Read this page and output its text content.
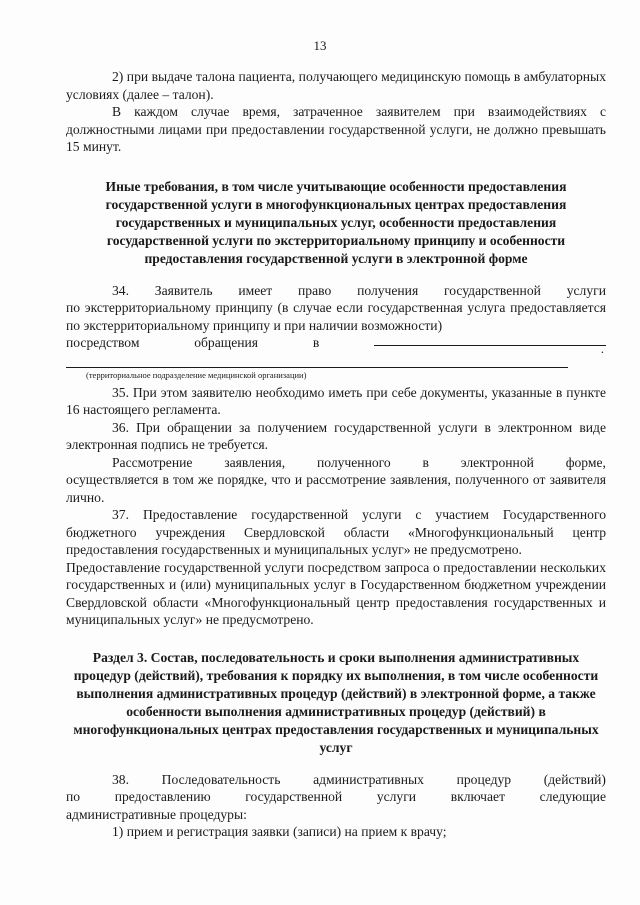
13

2) при выдаче талона пациента, получающего медицинскую помощь в амбулаторных условиях (далее – талон).

В каждом случае время, затраченное заявителем при взаимодействиях с должностными лицами при предоставлении государственной услуги, не должно превышать 15 минут.

Иные требования, в том числе учитывающие особенности предоставления государственной услуги в многофункциональных центрах предоставления государственных и муниципальных услуг, особенности предоставления государственной услуги по экстерриториальному принципу и особенности предоставления государственной услуги в электронной форме

34. Заявитель имеет право получения государственной услуги

по экстерриториальному принципу (в случае если государственная услуга предоставляется по экстерриториальному принципу и при наличии возможности)

посредством	обращения	в

(территориальное подразделение медицинской организации)

35. При этом заявителю необходимо иметь при себе документы, указанные в пункте 16 настоящего регламента.

36. При обращении за получением государственной услуги в электронном виде электронная подпись не требуется.

Рассмотрение заявления, полученного в электронной форме,

осуществляется в том же порядке, что и рассмотрение заявления, полученного от заявителя лично.

37. Предоставление государственной услуги с участием Государственного бюджетного учреждения Свердловской области «Многофункциональный центр предоставления государственных и муниципальных услуг» не предусмотрено.

Предоставление государственной услуги посредством запроса о предоставлении нескольких государственных и (или) муниципальных услуг в Государственном бюджетном учреждении Свердловской области «Многофункциональный центр предоставления государственных и муниципальных услуг» не предусмотрено.

Раздел 3. Состав, последовательность и сроки выполнения административных процедур (действий), требования к порядку их выполнения, в том числе особенности выполнения административных процедур (действий) в электронной форме, а также особенности выполнения административных процедур (действий) в многофункциональных центрах предоставления государственных и муниципальных услуг

38. Последовательность административных процедур (действий)
по	предоставлению	государственной	услуги	включает	следующие

административные процедуры:

1) прием и регистрация заявки (записи) на прием к врачу;

.
